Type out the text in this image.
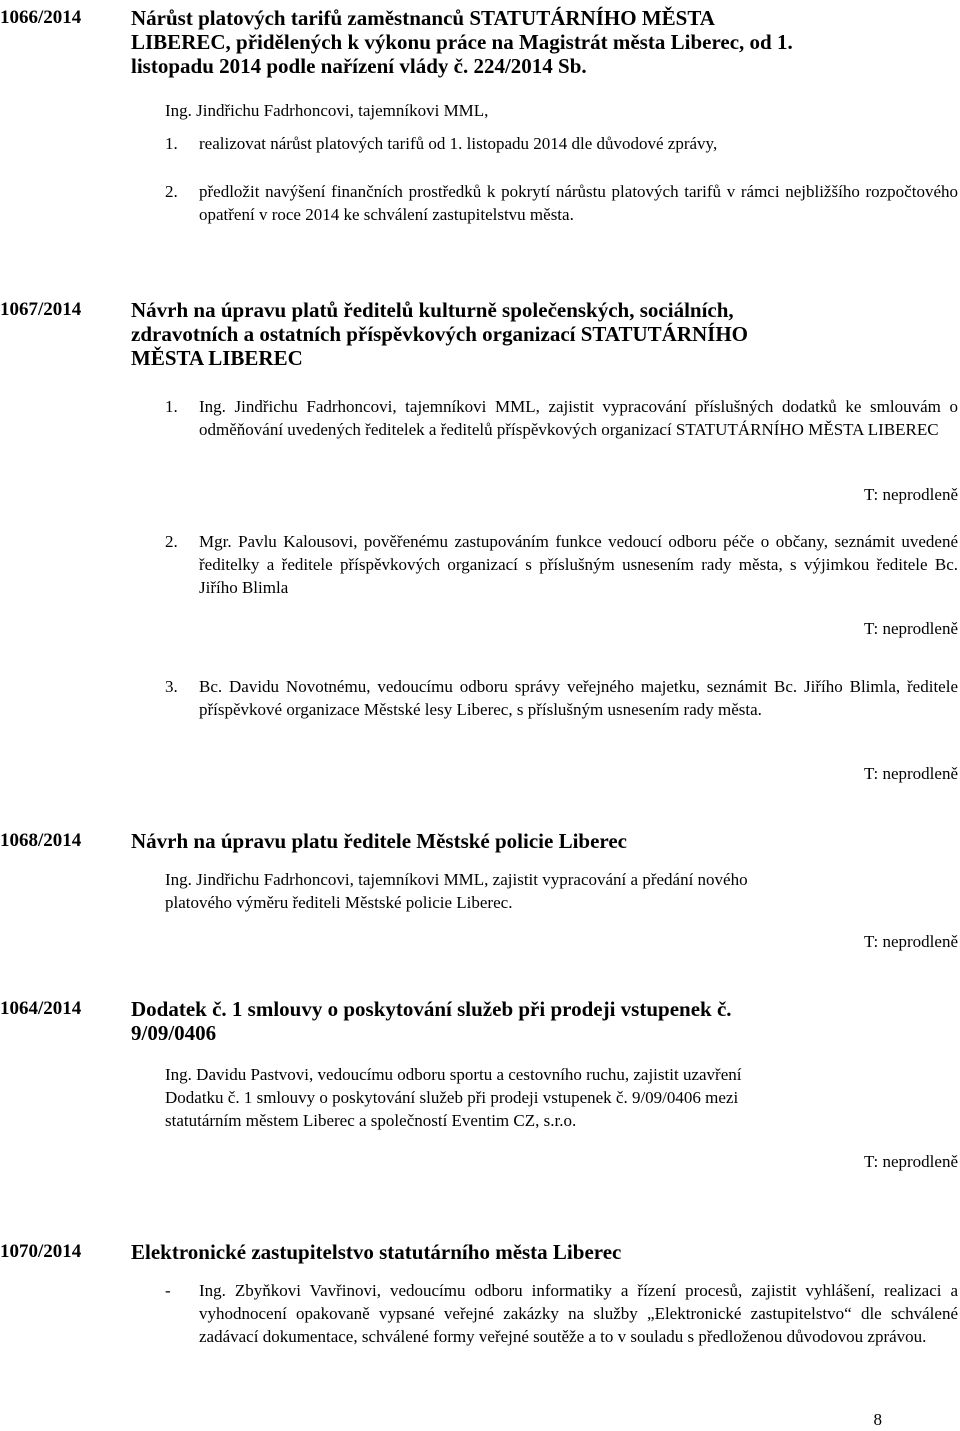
1066/2014 Nárůst platových tarifů zaměstnanců STATUTÁRNÍHO MĚSTA
LIBEREC, přidělených k výkonu práce na Magistrát města Liberec, od 1.
listopadu 2014 podle nařízení vlády č. 224/2014 Sb.
Ing. Jindřichu Fadrhoncovi, tajemníkovi MML,
1. realizovat nárůst platových tarifů od 1. listopadu 2014 dle důvodové zprávy,
2. předložit navýšení finančních prostředků k pokrytí nárůstu platových tarifů v rámci nejbližšího rozpočtového opatření v roce 2014 ke schválení zastupitelstvu města.
1067/2014 Návrh na úpravu platů ředitelů kulturně společenských, sociálních,
zdravotních a ostatních příspěvkových organizací STATUTÁRNÍHO
MĚSTA LIBEREC
1. Ing. Jindřichu Fadrhoncovi, tajemníkovi MML, zajistit vypracování příslušných dodatků ke smlouvám o odměňování uvedených ředitelek a ředitelů příspěvkových organizací STATUTÁRNÍHO MĚSTA LIBEREC
T: neprodleně
2. Mgr. Pavlu Kalousovi, pověřenému zastupováním funkce vedoucí odboru péče o občany, seznámit uvedené ředitelky a ředitele příspěvkových organizací s příslušným usnesením rady města, s výjimkou ředitele Bc. Jiřího Blimla
T: neprodleně
3. Bc. Davidu Novotnému, vedoucímu odboru správy veřejného majetku, seznámit Bc. Jiřího Blimla, ředitele příspěvkové organizace Městské lesy Liberec, s příslušným usnesením rady města.
T: neprodleně
1068/2014 Návrh na úpravu platu ředitele Městské policie Liberec
Ing. Jindřichu Fadrhoncovi, tajemníkovi MML, zajistit vypracování a předání nového
platového výměru řediteli Městské policie Liberec.
T: neprodleně
1064/2014 Dodatek č. 1 smlouvy o poskytování služeb při prodeji vstupenek č.
9/09/0406
Ing. Davidu Pastvovi, vedoucímu odboru sportu a cestovního ruchu, zajistit uzavření
Dodatku č. 1 smlouvy o poskytování služeb při prodeji vstupenek č. 9/09/0406 mezi
statutárním městem Liberec a společností Eventim CZ, s.r.o.
T: neprodleně
1070/2014 Elektronické zastupitelstvo statutárního města Liberec
- Ing. Zbyňkovi Vavřinovi, vedoucímu odboru informatiky a řízení procesů, zajistit vyhlášení, realizaci a vyhodnocení opakovaně vypsané veřejné zakázky na služby „Elektronické zastupitelstvo“ dle schválené zadávací dokumentace, schválené formy veřejné soutěže a to v souladu s předloženou důvodovou zprávou.
8
